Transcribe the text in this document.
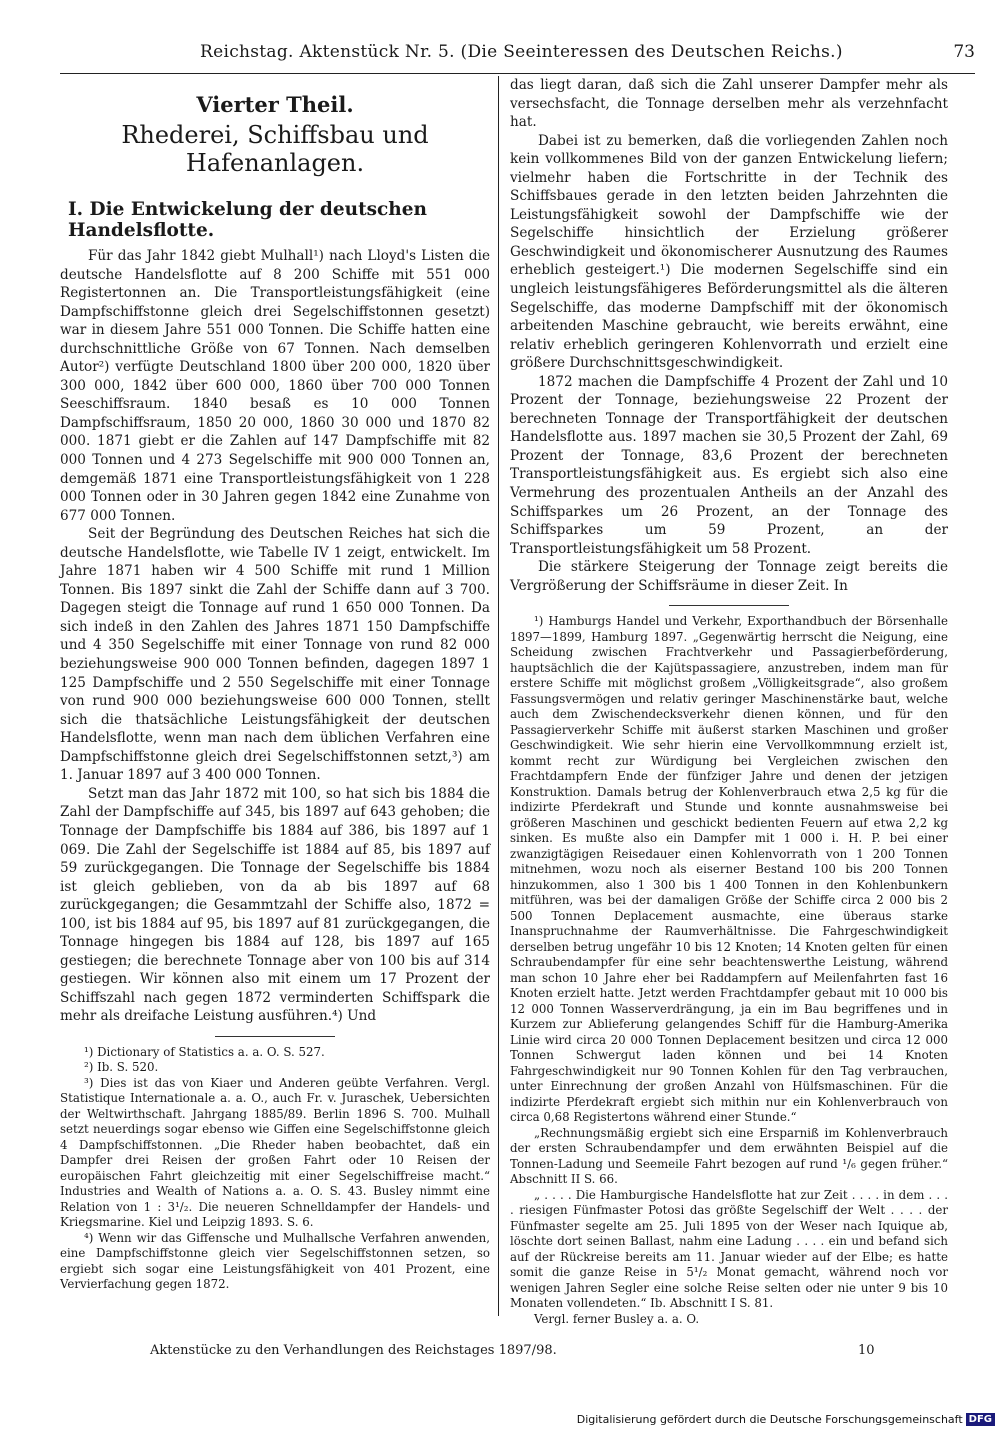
Reichstag. Aktenstück Nr. 5. (Die Seeinteressen des Deutschen Reichs.)	73
Vierter Theil.
Rhederei, Schiffsbau und Hafenanlagen.
I. Die Entwickelung der deutschen Handelsflotte.

Für das Jahr 1842 giebt Mulhall¹) nach Lloyd's Listen die deutsche Handelsflotte auf 8 200 Schiffe mit 551 000 Registertonnen an. Die Transportleistungsfähigkeit (eine Dampfschiffstonne gleich drei Segelschiffstonnen gesetzt) war in diesem Jahre 551 000 Tonnen. Die Schiffe hatten eine durchschnittliche Größe von 67 Tonnen. Nach demselben Autor²) verfügte Deutschland 1800 über 200 000, 1820 über 300 000, 1842 über 600 000, 1860 über 700 000 Tonnen Seeschiffsraum. 1840 besaß es 10 000 Tonnen Dampfschiffsraum, 1850 20 000, 1860 30 000 und 1870 82 000. 1871 giebt er die Zahlen auf 147 Dampfschiffe mit 82 000 Tonnen und 4 273 Segelschiffe mit 900 000 Tonnen an, demgemäß 1871 eine Transportleistungsfähigkeit von 1 228 000 Tonnen oder in 30 Jahren gegen 1842 eine Zunahme von 677 000 Tonnen.

Seit der Begründung des Deutschen Reiches hat sich die deutsche Handelsflotte, wie Tabelle IV 1 zeigt, entwickelt. Im Jahre 1871 haben wir 4 500 Schiffe mit rund 1 Million Tonnen. Bis 1897 sinkt die Zahl der Schiffe dann auf 3 700. Dagegen steigt die Tonnage auf rund 1 650 000 Tonnen. Da sich indeß in den Zahlen des Jahres 1871 150 Dampfschiffe und 4 350 Segelschiffe mit einer Tonnage von rund 82 000 beziehungsweise 900 000 Tonnen befinden, dagegen 1897 1 125 Dampfschiffe und 2 550 Segelschiffe mit einer Tonnage von rund 900 000 beziehungsweise 600 000 Tonnen, stellt sich die thatsächliche Leistungsfähigkeit der deutschen Handelsflotte, wenn man nach dem üblichen Verfahren eine Dampfschiffstonne gleich drei Segelschiffstonnen setzt,³) am 1. Januar 1897 auf 3 400 000 Tonnen.

Setzt man das Jahr 1872 mit 100, so hat sich bis 1884 die Zahl der Dampfschiffe auf 345, bis 1897 auf 643 gehoben; die Tonnage der Dampfschiffe bis 1884 auf 386, bis 1897 auf 1 069. Die Zahl der Segelschiffe ist 1884 auf 85, bis 1897 auf 59 zurückgegangen. Die Tonnage der Segelschiffe bis 1884 ist gleich geblieben, von da ab bis 1897 auf 68 zurückgegangen; die Gesammtzahl der Schiffe also, 1872 = 100, ist bis 1884 auf 95, bis 1897 auf 81 zurückgegangen, die Tonnage hingegen bis 1884 auf 128, bis 1897 auf 165 gestiegen; die berechnete Tonnage aber von 100 bis auf 314 gestiegen. Wir können also mit einem um 17 Prozent der Schiffszahl nach gegen 1872 verminderten Schiffspark die mehr als dreifache Leistung ausführen.⁴) Und

¹) Dictionary of Statistics a. a. O. S. 527.

²) Ib. S. 520.

³) Dies ist das von Kiaer und Anderen geübte Verfahren. Vergl. Statistique Internationale a. a. O., auch Fr. v. Juraschek, Uebersichten der Weltwirthschaft. Jahrgang 1885/89. Berlin 1896 S. 700. Mulhall setzt neuerdings sogar ebenso wie Giffen eine Segelschiffstonne gleich 4 Dampfschiffstonnen. „Die Rheder haben beobachtet, daß ein Dampfer drei Reisen der großen Fahrt oder 10 Reisen der europäischen Fahrt gleichzeitig mit einer Segelschiffreise macht.“ Industries and Wealth of Nations a. a. O. S. 43. Busley nimmt eine Relation von 1 : 3¹/₂. Die neueren Schnelldampfer der Handels- und Kriegsmarine. Kiel und Leipzig 1893. S. 6.

⁴) Wenn wir das Giffensche und Mulhallsche Verfahren anwenden, eine Dampfschiffstonne gleich vier Segelschiffstonnen setzen, so ergiebt sich sogar eine Leistungsfähigkeit von 401 Prozent, eine Vervierfachung gegen 1872.

das liegt daran, daß sich die Zahl unserer Dampfer mehr als versechsfacht, die Tonnage derselben mehr als verzehnfacht hat.

Dabei ist zu bemerken, daß die vorliegenden Zahlen noch kein vollkommenes Bild von der ganzen Entwickelung liefern; vielmehr haben die Fortschritte in der Technik des Schiffsbaues gerade in den letzten beiden Jahrzehnten die Leistungsfähigkeit sowohl der Dampfschiffe wie der Segelschiffe hinsichtlich der Erzielung größerer Geschwindigkeit und ökonomischerer Ausnutzung des Raumes erheblich gesteigert.¹) Die modernen Segelschiffe sind ein ungleich leistungsfähigeres Beförderungsmittel als die älteren Segelschiffe, das moderne Dampfschiff mit der ökonomisch arbeitenden Maschine gebraucht, wie bereits erwähnt, eine relativ erheblich geringeren Kohlenvorrath und erzielt eine größere Durchschnittsgeschwindigkeit.

1872 machen die Dampfschiffe 4 Prozent der Zahl und 10 Prozent der Tonnage, beziehungsweise 22 Prozent der berechneten Tonnage der Transportfähigkeit der deutschen Handelsflotte aus. 1897 machen sie 30,5 Prozent der Zahl, 69 Prozent der Tonnage, 83,6 Prozent der berechneten Transportleistungsfähigkeit aus. Es ergiebt sich also eine Vermehrung des prozentualen Antheils an der Anzahl des Schiffsparkes um 26 Prozent, an der Tonnage des Schiffsparkes um 59 Prozent, an der Transportleistungsfähigkeit um 58 Prozent.

Die stärkere Steigerung der Tonnage zeigt bereits die Vergrößerung der Schiffsräume in dieser Zeit. In

¹) Hamburgs Handel und Verkehr, Exporthandbuch der Börsenhalle 1897—1899, Hamburg 1897. „Gegenwärtig herrscht die Neigung, eine Scheidung zwischen Frachtverkehr und Passagierbeförderung, hauptsächlich die der Kajütspassagiere, anzustreben, indem man für erstere Schiffe mit möglichst großem „Völligkeitsgrade“, also großem Fassungsvermögen und relativ geringer Maschinenstärke baut, welche auch dem Zwischendecksverkehr dienen können, und für den Passagierverkehr Schiffe mit äußerst starken Maschinen und großer Geschwindigkeit. Wie sehr hierin eine Vervollkommnung erzielt ist, kommt recht zur Würdigung bei Vergleichen zwischen den Frachtdampfern Ende der fünfziger Jahre und denen der jetzigen Konstruktion. Damals betrug der Kohlenverbrauch etwa 2,5 kg für die indizirte Pferdekraft und Stunde und konnte ausnahmsweise bei größeren Maschinen und geschickt bedienten Feuern auf etwa 2,2 kg sinken. Es mußte also ein Dampfer mit 1 000 i. H. P. bei einer zwanzigtägigen Reisedauer einen Kohlenvorrath von 1 200 Tonnen mitnehmen, wozu noch als eiserner Bestand 100 bis 200 Tonnen hinzukommen, also 1 300 bis 1 400 Tonnen in den Kohlenbunkern mitführen, was bei der damaligen Größe der Schiffe circa 2 000 bis 2 500 Tonnen Deplacement ausmachte, eine überaus starke Inanspruchnahme der Raumverhältnisse. Die Fahrgeschwindigkeit derselben betrug ungefähr 10 bis 12 Knoten; 14 Knoten gelten für einen Schraubendampfer für eine sehr beachtenswerthe Leistung, während man schon 10 Jahre eher bei Raddampfern auf Meilenfahrten fast 16 Knoten erzielt hatte. Jetzt werden Frachtdampfer gebaut mit 10 000 bis 12 000 Tonnen Wasserverdrängung, ja ein im Bau begriffenes und in Kurzem zur Ablieferung gelangendes Schiff für die Hamburg-Amerika Linie wird circa 20 000 Tonnen Deplacement besitzen und circa 12 000 Tonnen Schwergut laden können und bei 14 Knoten Fahrgeschwindigkeit nur 90 Tonnen Kohlen für den Tag verbrauchen, unter Einrechnung der großen Anzahl von Hülfsmaschinen. Für die indizirte Pferdekraft ergiebt sich mithin nur ein Kohlenverbrauch von circa 0,68 Registertons während einer Stunde.“

„Rechnungsmäßig ergiebt sich eine Ersparniß im Kohlenverbrauch der ersten Schraubendampfer und dem erwähnten Beispiel auf die Tonnen-Ladung und Seemeile Fahrt bezogen auf rund ¹/₆ gegen früher.“ Abschnitt II S. 66.

„ . . . . Die Hamburgische Handelsflotte hat zur Zeit . . . . in dem . . . . riesigen Fünfmaster Potosi das größte Segelschiff der Welt . . . . der Fünfmaster segelte am 25. Juli 1895 von der Weser nach Iquique ab, löschte dort seinen Ballast, nahm eine Ladung . . . . ein und befand sich auf der Rückreise bereits am 11. Januar wieder auf der Elbe; es hatte somit die ganze Reise in 5¹/₂ Monat gemacht, während noch vor wenigen Jahren Segler eine solche Reise selten oder nie unter 9 bis 10 Monaten vollendeten.“ Ib. Abschnitt I S. 81.

Vergl. ferner Busley a. a. O.

Aktenstücke zu den Verhandlungen des Reichstages 1897/98.	10
Digitalisierung gefördert durch die Deutsche Forschungsgemeinschaft DFG
